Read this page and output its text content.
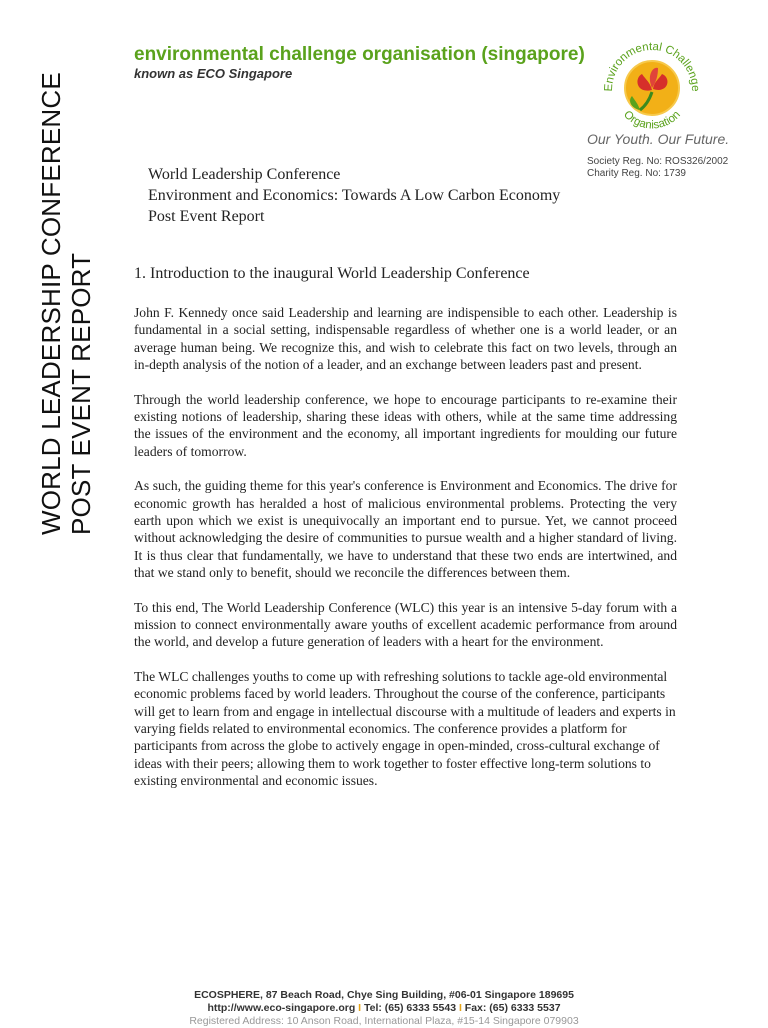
environmental challenge organisation (singapore)
known as ECO Singapore
WORLD LEADERSHIP CONFERENCE POST EVENT REPORT
Environmental Challenge
Organisation
Our Youth. Our Future.
Society Reg. No: ROS326/2002
Charity Reg. No: 1739
World Leadership Conference
Environment and Economics: Towards A Low Carbon Economy
Post Event Report
1. Introduction to the inaugural World Leadership Conference

John F. Kennedy once said Leadership and learning are indispensible to each other. Leadership is fundamental in a social setting, indispensable regardless of whether one is a world leader, or an average human being. We recognize this, and wish to celebrate this fact on two levels, through an in-depth analysis of the notion of a leader, and an exchange between leaders past and present.

Through the world leadership conference, we hope to encourage participants to re-examine their existing notions of leadership, sharing these ideas with others, while at the same time addressing the issues of the environment and the economy, all important ingredients for moulding our future leaders of tomorrow.

As such, the guiding theme for this year's conference is Environment and Economics. The drive for economic growth has heralded a host of malicious environmental problems. Protecting the very earth upon which we exist is unequivocally an important end to pursue. Yet, we cannot proceed without acknowledging the desire of communities to pursue wealth and a higher standard of living. It is thus clear that fundamentally, we have to understand that these two ends are intertwined, and that we stand only to benefit, should we reconcile the differences between them.

To this end, The World Leadership Conference (WLC) this year is an intensive 5-day forum with a mission to connect environmentally aware youths of excellent academic performance from around the world, and develop a future generation of leaders with a heart for the environment.

The WLC challenges youths to come up with refreshing solutions to tackle age-old environmental economic problems faced by world leaders. Throughout the course of the conference, participants will get to learn from and engage in intellectual discourse with a multitude of leaders and experts in varying fields related to environmental economics. The conference provides a platform for participants from across the globe to actively engage in open-minded, cross-cultural exchange of ideas with their peers; allowing them to work together to foster effective long-term solutions to existing environmental and economic issues.

ECOSPHERE, 87 Beach Road, Chye Sing Building, #06-01 Singapore 189695
http://www.eco-singapore.org I Tel: (65) 6333 5543 I Fax: (65) 6333 5537
Registered Address: 10 Anson Road, International Plaza, #15-14 Singapore 079903
